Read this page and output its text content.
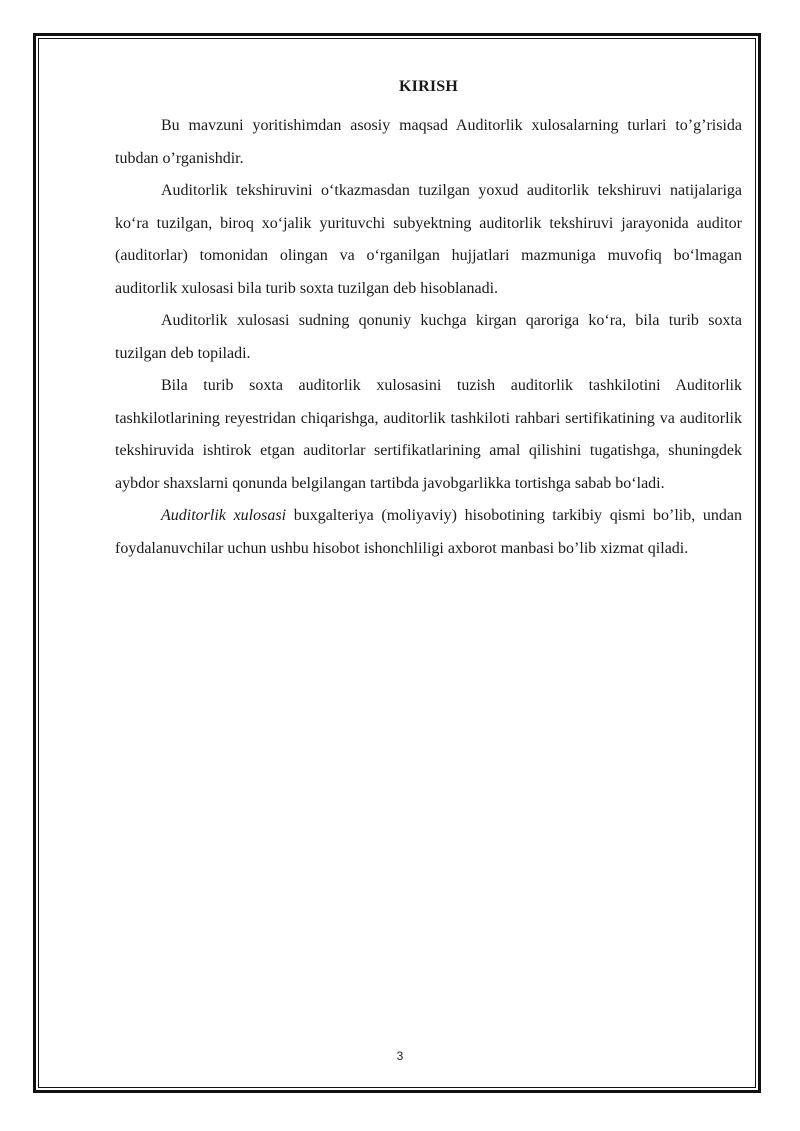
KIRISH

Bu mavzuni yoritishimdan asosiy maqsad Auditorlik xulosalarning turlari to’g’risida tubdan o’rganishdir.

Auditorlik tekshiruvini o‘tkazmasdan tuzilgan yoxud auditorlik tekshiruvi natijalariga ko‘ra tuzilgan, biroq xo‘jalik yurituvchi subyektning auditorlik tekshiruvi jarayonida auditor (auditorlar) tomonidan olingan va o‘rganilgan hujjatlari mazmuniga muvofiq bo‘lmagan auditorlik xulosasi bila turib soxta tuzilgan deb hisoblanadi.

Auditorlik xulosasi sudning qonuniy kuchga kirgan qaroriga ko‘ra, bila turib soxta tuzilgan deb topiladi.

Bila turib soxta auditorlik xulosasini tuzish auditorlik tashkilotini Auditorlik tashkilotlarining reyestridan chiqarishga, auditorlik tashkiloti rahbari sertifikatining va auditorlik tekshiruvida ishtirok etgan auditorlar sertifikatlarining amal qilishini tugatishga, shuningdek aybdor shaxslarni qonunda belgilangan tartibda javobgarlikka tortishga sabab bo‘ladi.

Auditorlik xulosasi buxgalteriya (moliyaviy) hisobotining tarkibiy qismi bo’lib, undan foydalanuvchilar uchun ushbu hisobot ishonchliligi axborot manbasi bo’lib xizmat qiladi.

3
